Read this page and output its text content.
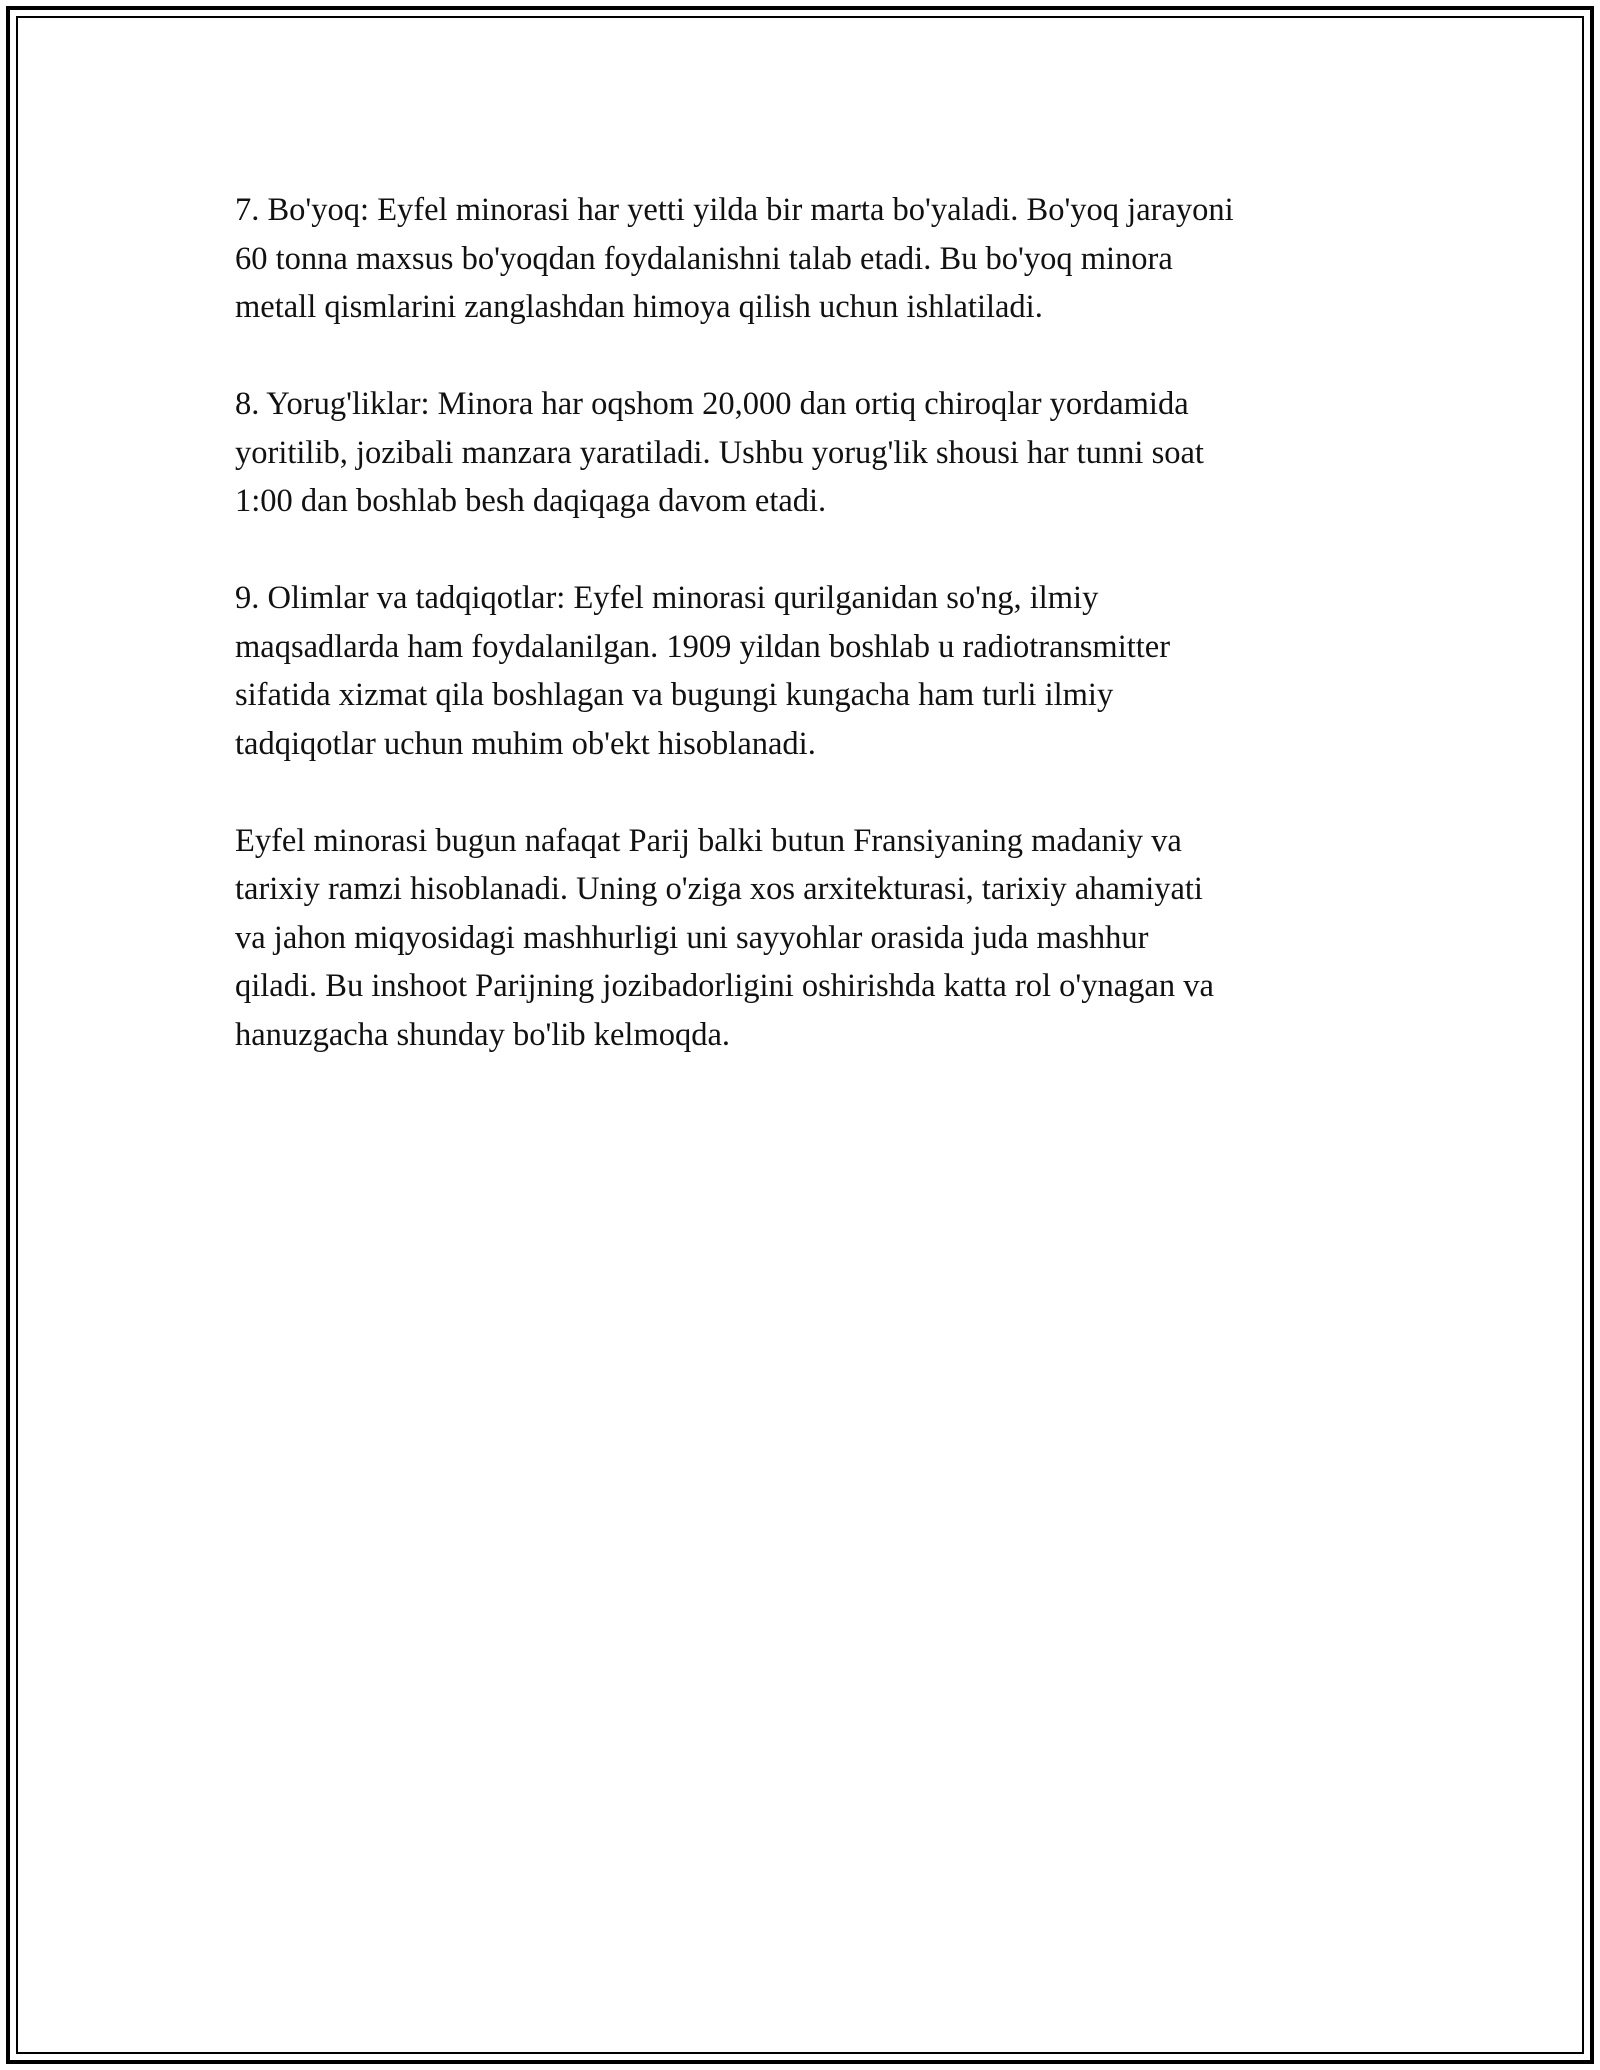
7. Bo'yoq: Eyfel minorasi har yetti yilda bir marta bo'yaladi. Bo'yoq jarayoni
60 tonna maxsus bo'yoqdan foydalanishni talab etadi. Bu bo'yoq minora
metall qismlarini zanglashdan himoya qilish uchun ishlatiladi.

8. Yorug'liklar: Minora har oqshom 20,000 dan ortiq chiroqlar yordamida
yoritilib, jozibali manzara yaratiladi. Ushbu yorug'lik shousi har tunni soat
1:00 dan boshlab besh daqiqaga davom etadi.

9. Olimlar va tadqiqotlar: Eyfel minorasi qurilganidan so'ng, ilmiy
maqsadlarda ham foydalanilgan. 1909 yildan boshlab u radiotransmitter
sifatida xizmat qila boshlagan va bugungi kungacha ham turli ilmiy
tadqiqotlar uchun muhim ob'ekt hisoblanadi.

Eyfel minorasi bugun nafaqat Parij balki butun Fransiyaning madaniy va
tarixiy ramzi hisoblanadi. Uning o'ziga xos arxitekturasi, tarixiy ahamiyati
va jahon miqyosidagi mashhurligi uni sayyohlar orasida juda mashhur
qiladi. Bu inshoot Parijning jozibadorligini oshirishda katta rol o'ynagan va
hanuzgacha shunday bo'lib kelmoqda.
